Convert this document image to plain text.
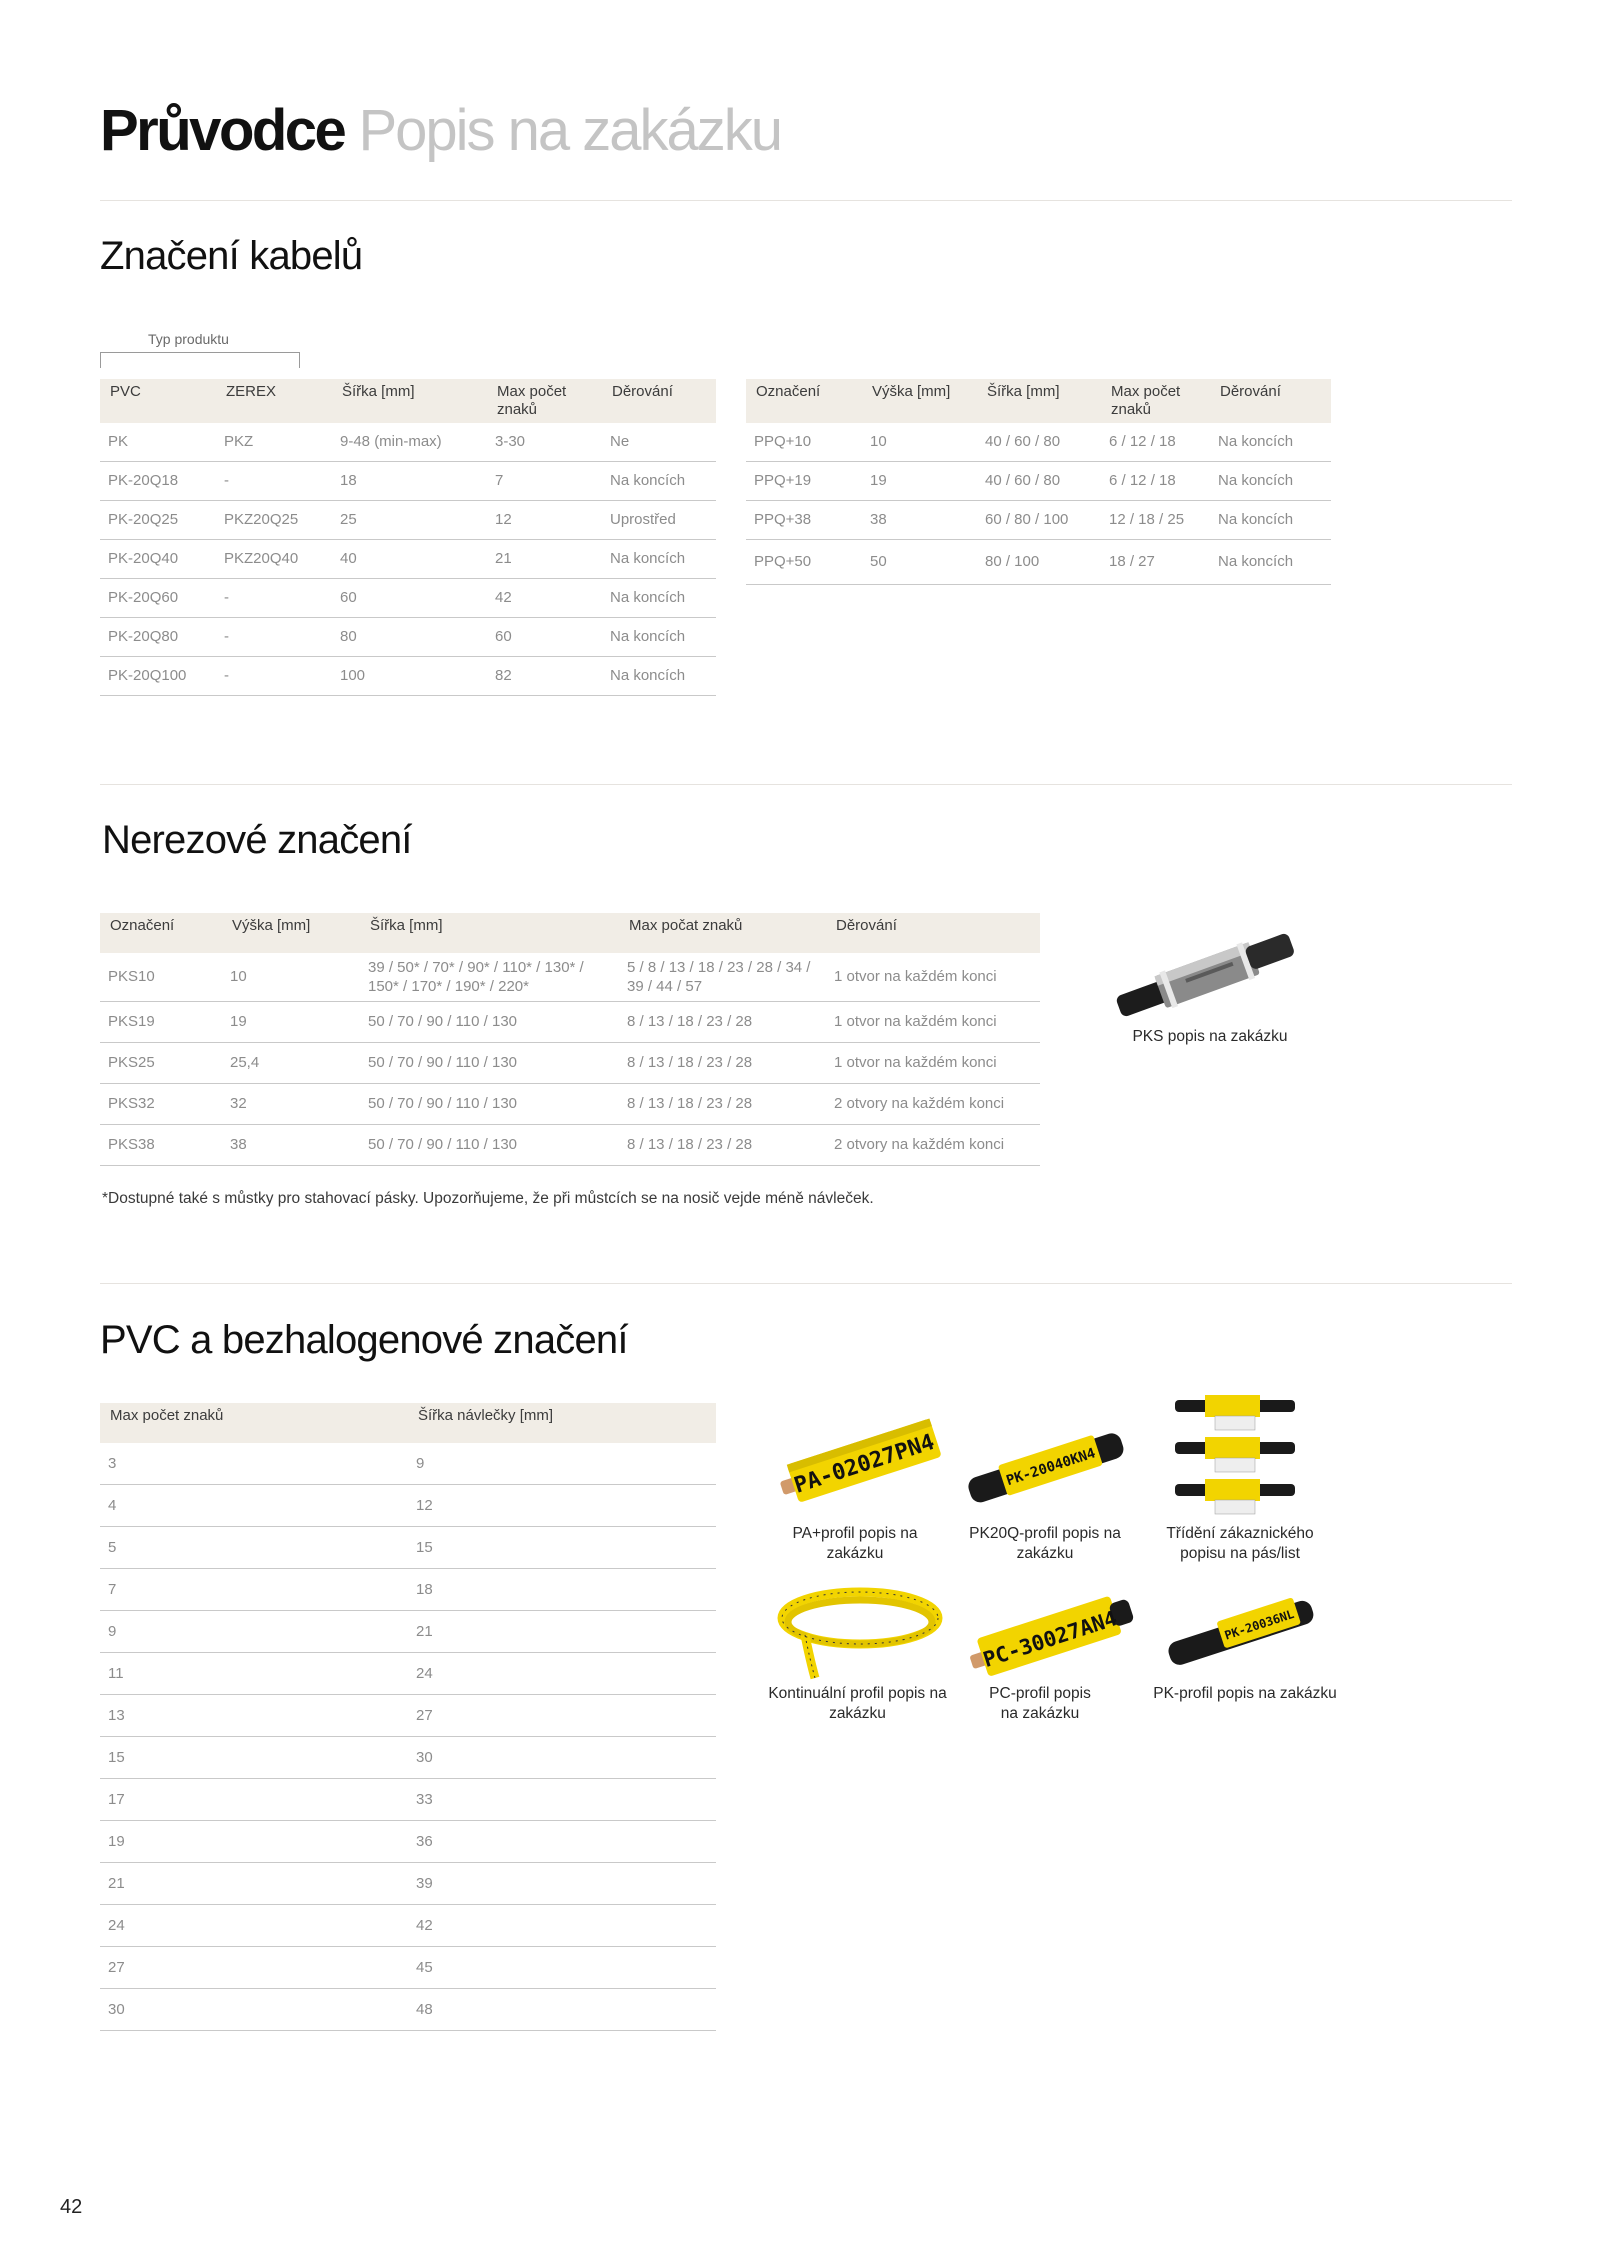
Průvodce Popis na zakázku
Značení kabelů
Typ produktu
PVC	ZEREX	Šířka [mm]	Max počet znaků	Děrování
PK	PKZ	9-48 (min-max)	3-30	Ne
PK-20Q18	-	18	7	Na koncích
PK-20Q25	PKZ20Q25	25	12	Uprostřed
PK-20Q40	PKZ20Q40	40	21	Na koncích
PK-20Q60	-	60	42	Na koncích
PK-20Q80	-	80	60	Na koncích
PK-20Q100	-	100	82	Na koncích
Označení	Výška [mm]	Šířka [mm]	Max počet znaků	Děrování
PPQ+10	10	40 / 60 / 80	6 / 12 / 18	Na koncích
PPQ+19	19	40 / 60 / 80	6 / 12 / 18	Na koncích
PPQ+38	38	60 / 80 / 100	12 / 18 / 25	Na koncích
PPQ+50	50	80 / 100	18 / 27	Na koncích
Nerezové značení
Označení	Výška [mm]	Šířka [mm]	Max počat znaků	Děrování
PKS10	10	39 / 50* / 70* / 90* / 110* / 130* / 150* / 170* / 190* / 220*	5 / 8 / 13 / 18 / 23 / 28 / 34 / 39 / 44 / 57	1 otvor na každém konci
PKS19	19	50 / 70 / 90 / 110 / 130	8 / 13 / 18 / 23 / 28	1 otvor na každém konci
PKS25	25,4	50 / 70 / 90 / 110 / 130	8 / 13 / 18 / 23 / 28	1 otvor na každém konci
PKS32	32	50 / 70 / 90 / 110 / 130	8 / 13 / 18 / 23 / 28	2 otvory na každém konci
PKS38	38	50 / 70 / 90 / 110 / 130	8 / 13 / 18 / 23 / 28	2 otvory na každém konci
PKS popis na zakázku
*Dostupné také s můstky pro stahovací pásky. Upozorňujeme, že při můstcích se na nosič vejde méně návleček.
PVC a bezhalogenové značení
Max počet znaků	Šířka návlečky [mm]
3	9
4	12
5	15
7	18
9	21
11	24
13	27
15	30
17	33
19	36
21	39
24	42
27	45
30	48
PA-02027PN4
PA+profil popis na
zakázku
PK-20040KN4
PK20Q-profil popis na
zakázku
Třídění zákaznického
popisu na pás/list
Kontinuální profil popis na
zakázku
PC-30027AN4
PC-profil popis
na zakázku
PK-20036NL
PK-profil popis na zakázku
42
